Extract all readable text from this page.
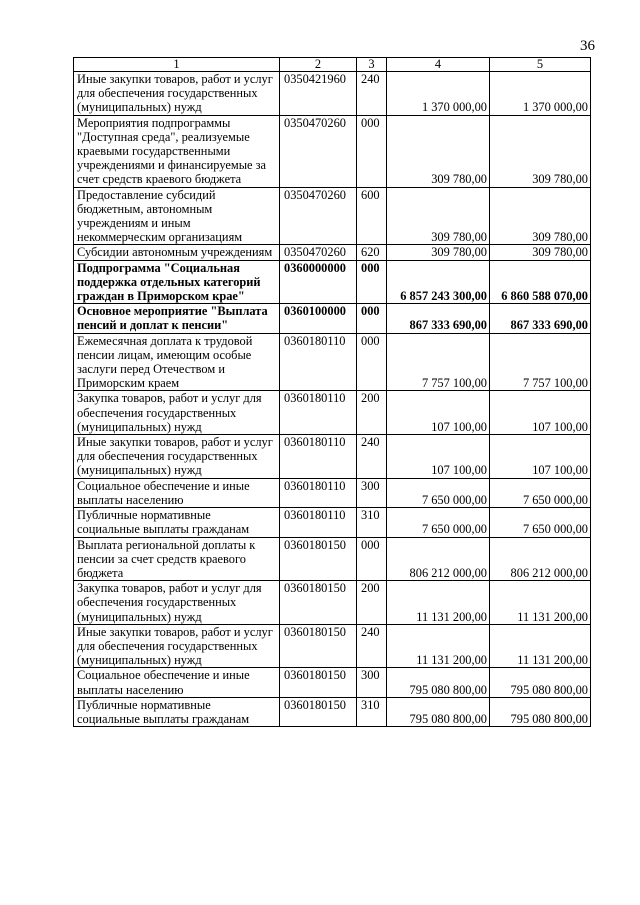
36
1	2	3	4	5
Иные закупки товаров, работ и услуг для обеспечения государственных (муниципальных) нужд	0350421960	240	1 370 000,00	1 370 000,00
Мероприятия подпрограммы "Доступная среда", реализуемые краевыми государственными учреждениями и финансируемые за счет средств краевого бюджета	0350470260	000	309 780,00	309 780,00
Предоставление субсидий бюджетным, автономным учреждениям и иным некоммерческим организациям	0350470260	600	309 780,00	309 780,00
Субсидии автономным учреждениям	0350470260	620	309 780,00	309 780,00
Подпрограмма "Социальная поддержка отдельных категорий граждан в Приморском крае"	0360000000	000	6 857 243 300,00	6 860 588 070,00
Основное мероприятие "Выплата пенсий и доплат к пенсии"	0360100000	000	867 333 690,00	867 333 690,00
Ежемесячная доплата к трудовой пенсии лицам, имеющим особые заслуги перед Отечеством и Приморским краем	0360180110	000	7 757 100,00	7 757 100,00
Закупка товаров, работ и услуг для обеспечения государственных (муниципальных) нужд	0360180110	200	107 100,00	107 100,00
Иные закупки товаров, работ и услуг для обеспечения государственных (муниципальных) нужд	0360180110	240	107 100,00	107 100,00
Социальное обеспечение и иные выплаты населению	0360180110	300	7 650 000,00	7 650 000,00
Публичные нормативные социальные выплаты гражданам	0360180110	310	7 650 000,00	7 650 000,00
Выплата региональной доплаты к пенсии за счет средств краевого бюджета	0360180150	000	806 212 000,00	806 212 000,00
Закупка товаров, работ и услуг для обеспечения государственных (муниципальных) нужд	0360180150	200	11 131 200,00	11 131 200,00
Иные закупки товаров, работ и услуг для обеспечения государственных (муниципальных) нужд	0360180150	240	11 131 200,00	11 131 200,00
Социальное обеспечение и иные выплаты населению	0360180150	300	795 080 800,00	795 080 800,00
Публичные нормативные социальные выплаты гражданам	0360180150	310	795 080 800,00	795 080 800,00
